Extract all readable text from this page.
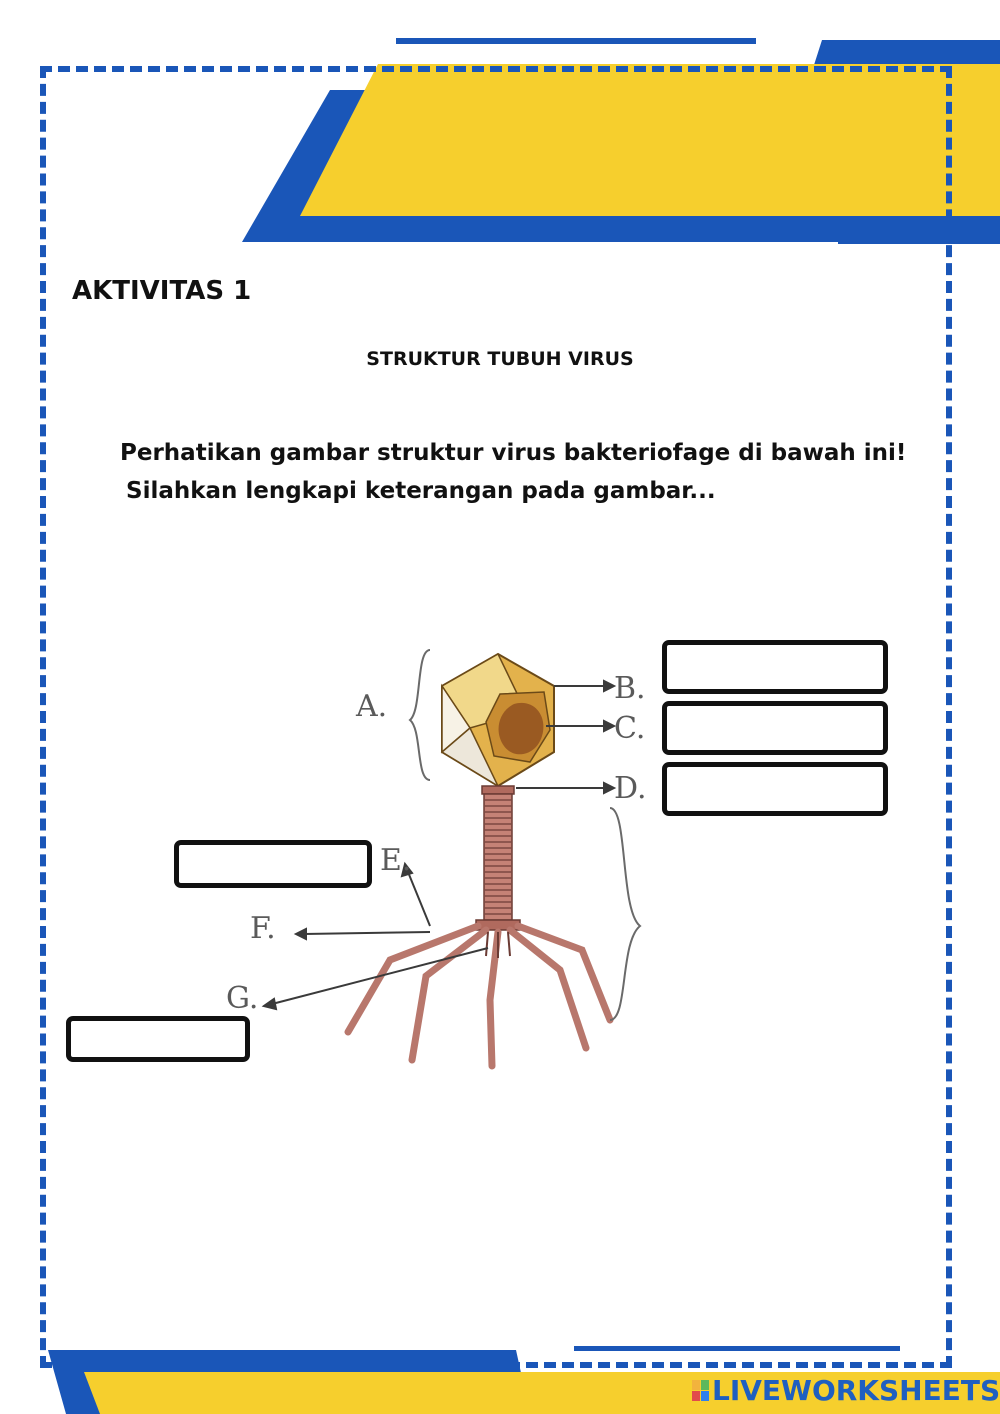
AKTIVITAS 1
STRUKTUR TUBUH VIRUS

Perhatikan gambar struktur virus bakteriofage di bawah ini!

Silahkan lengkapi keterangan pada gambar...

A.
B.
C.
D.
E.
F.
G.
LIVEWORKSHEETS
